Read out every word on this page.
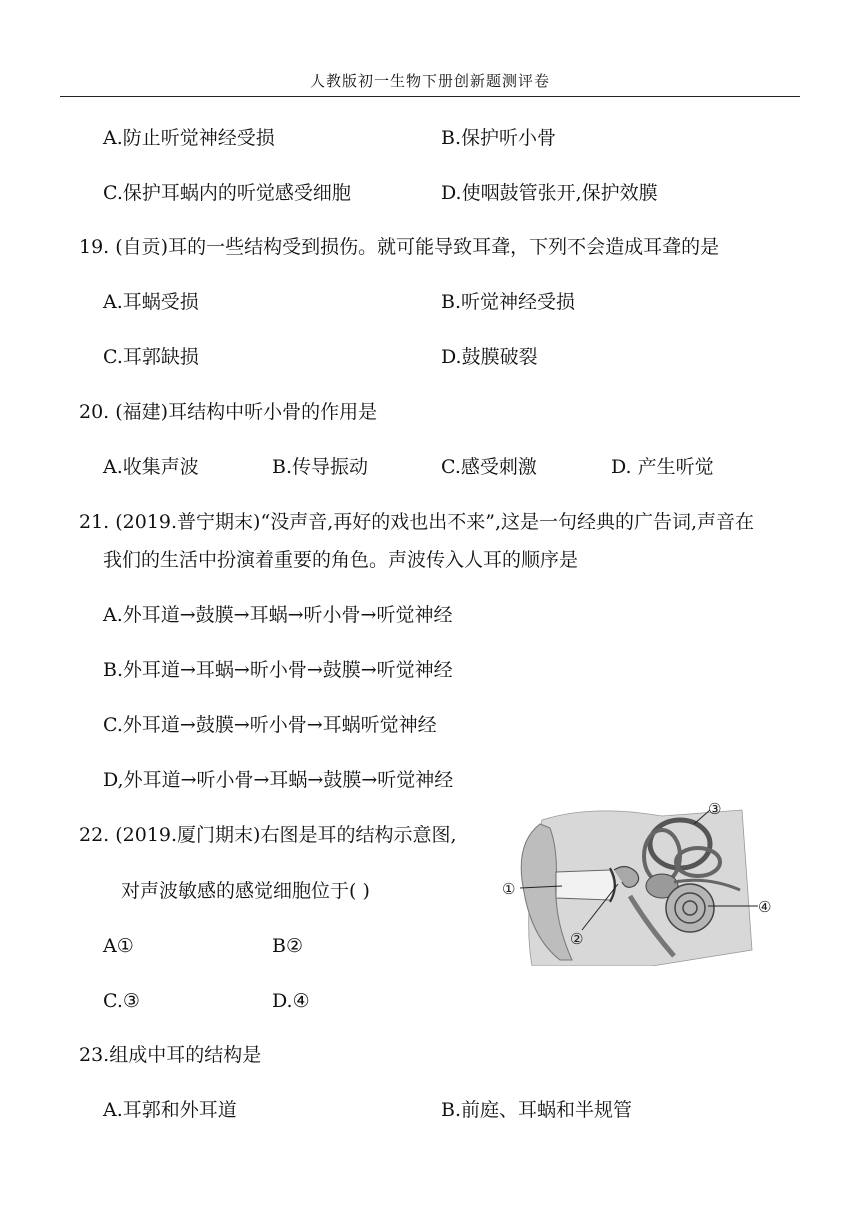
人教版初一生物下册创新题测评卷
A.防止听觉神经受损	B.保护听小骨
C.保护耳蜗内的听觉感受细胞	D.使咽鼓管张开,保护效膜
19. (自贡)耳的一些结构受到损伤。就可能导致耳聋，下列不会造成耳聋的是
A.耳蜗受损	B.听觉神经受损
C.耳郭缺损	D.鼓膜破裂
20. (福建)耳结构中听小骨的作用是
A.收集声波	B.传导振动	C.感受刺激	D. 产生听觉
21. (2019.普宁期末)“没声音,再好的戏也出不来”,这是一句经典的广告词,声音在
我们的生活中扮演着重要的角色。声波传入人耳的顺序是
A.外耳道→鼓膜→耳蜗→听小骨→听觉神经
B.外耳道→耳蜗→昕小骨→鼓膜→听觉神经
C.外耳道→鼓膜→听小骨→耳蜗听觉神经
D,外耳道→听小骨→耳蜗→鼓膜→听觉神经
22. (2019.厦门期末)右图是耳的结构示意图,
对声波敏感的感觉细胞位于( )
A①	B②
C.③	D.④
①
②
③
④
23.组成中耳的结构是
A.耳郭和外耳道	B.前庭、耳蜗和半规管
